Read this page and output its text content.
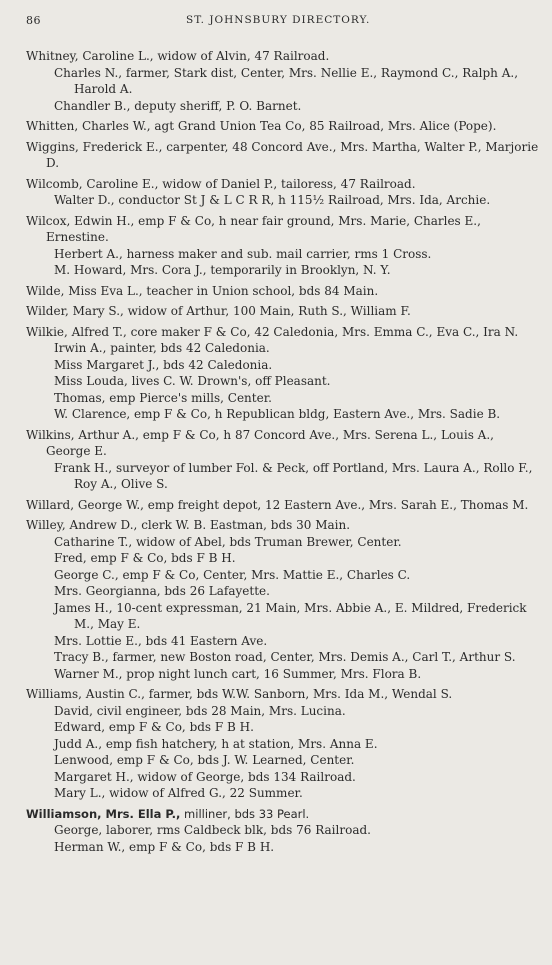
86	ST. JOHNSBURY DIRECTORY.
Whitney, Caroline L., widow of Alvin, 47 Railroad.
Charles N., farmer, Stark dist, Center, Mrs. Nellie E., Raymond C., Ralph A., Harold A.
Chandler B., deputy sheriff, P. O. Barnet.
Whitten, Charles W., agt Grand Union Tea Co, 85 Railroad, Mrs. Alice (Pope).
Wiggins, Frederick E., carpenter, 48 Concord Ave., Mrs. Martha, Walter P., Marjorie D.
Wilcomb, Caroline E., widow of Daniel P., tailoress, 47 Railroad.
Walter D., conductor St J & L C R R, h 115½ Railroad, Mrs. Ida, Archie.
Wilcox, Edwin H., emp F & Co, h near fair ground, Mrs. Marie, Charles E., Ernestine.
Herbert A., harness maker and sub. mail carrier, rms 1 Cross.
M. Howard, Mrs. Cora J., temporarily in Brooklyn, N. Y.
Wilde, Miss Eva L., teacher in Union school, bds 84 Main.
Wilder, Mary S., widow of Arthur, 100 Main, Ruth S., William F.
Wilkie, Alfred T., core maker F & Co, 42 Caledonia, Mrs. Emma C., Eva C., Ira N.
Irwin A., painter, bds 42 Caledonia.
Miss Margaret J., bds 42 Caledonia.
Miss Louda, lives C. W. Drown's, off Pleasant.
Thomas, emp Pierce's mills, Center.
W. Clarence, emp F & Co, h Republican bldg, Eastern Ave., Mrs. Sadie B.
Wilkins, Arthur A., emp F & Co, h 87 Concord Ave., Mrs. Serena L., Louis A., George E.
Frank H., surveyor of lumber Fol. & Peck, off Portland, Mrs. Laura A., Rollo F., Roy A., Olive S.
Willard, George W., emp freight depot, 12 Eastern Ave., Mrs. Sarah E., Thomas M.
Willey, Andrew D., clerk W. B. Eastman, bds 30 Main.
Catharine T., widow of Abel, bds Truman Brewer, Center.
Fred, emp F & Co, bds F B H.
George C., emp F & Co, Center, Mrs. Mattie E., Charles C.
Mrs. Georgianna, bds 26 Lafayette.
James H., 10-cent expressman, 21 Main, Mrs. Abbie A., E. Mildred, Frederick M., May E.
Mrs. Lottie E., bds 41 Eastern Ave.
Tracy B., farmer, new Boston road, Center, Mrs. Demis A., Carl T., Arthur S.
Warner M., prop night lunch cart, 16 Summer, Mrs. Flora B.
Williams, Austin C., farmer, bds W.W. Sanborn, Mrs. Ida M., Wendal S.
David, civil engineer, bds 28 Main, Mrs. Lucina.
Edward, emp F & Co, bds F B H.
Judd A., emp fish hatchery, h at station, Mrs. Anna E.
Lenwood, emp F & Co, bds J. W. Learned, Center.
Margaret H., widow of George, bds 134 Railroad.
Mary L., widow of Alfred G., 22 Summer.
Williamson, Mrs. Ella P., milliner, bds 33 Pearl.
George, laborer, rms Caldbeck blk, bds 76 Railroad.
Herman W., emp F & Co, bds F B H.
